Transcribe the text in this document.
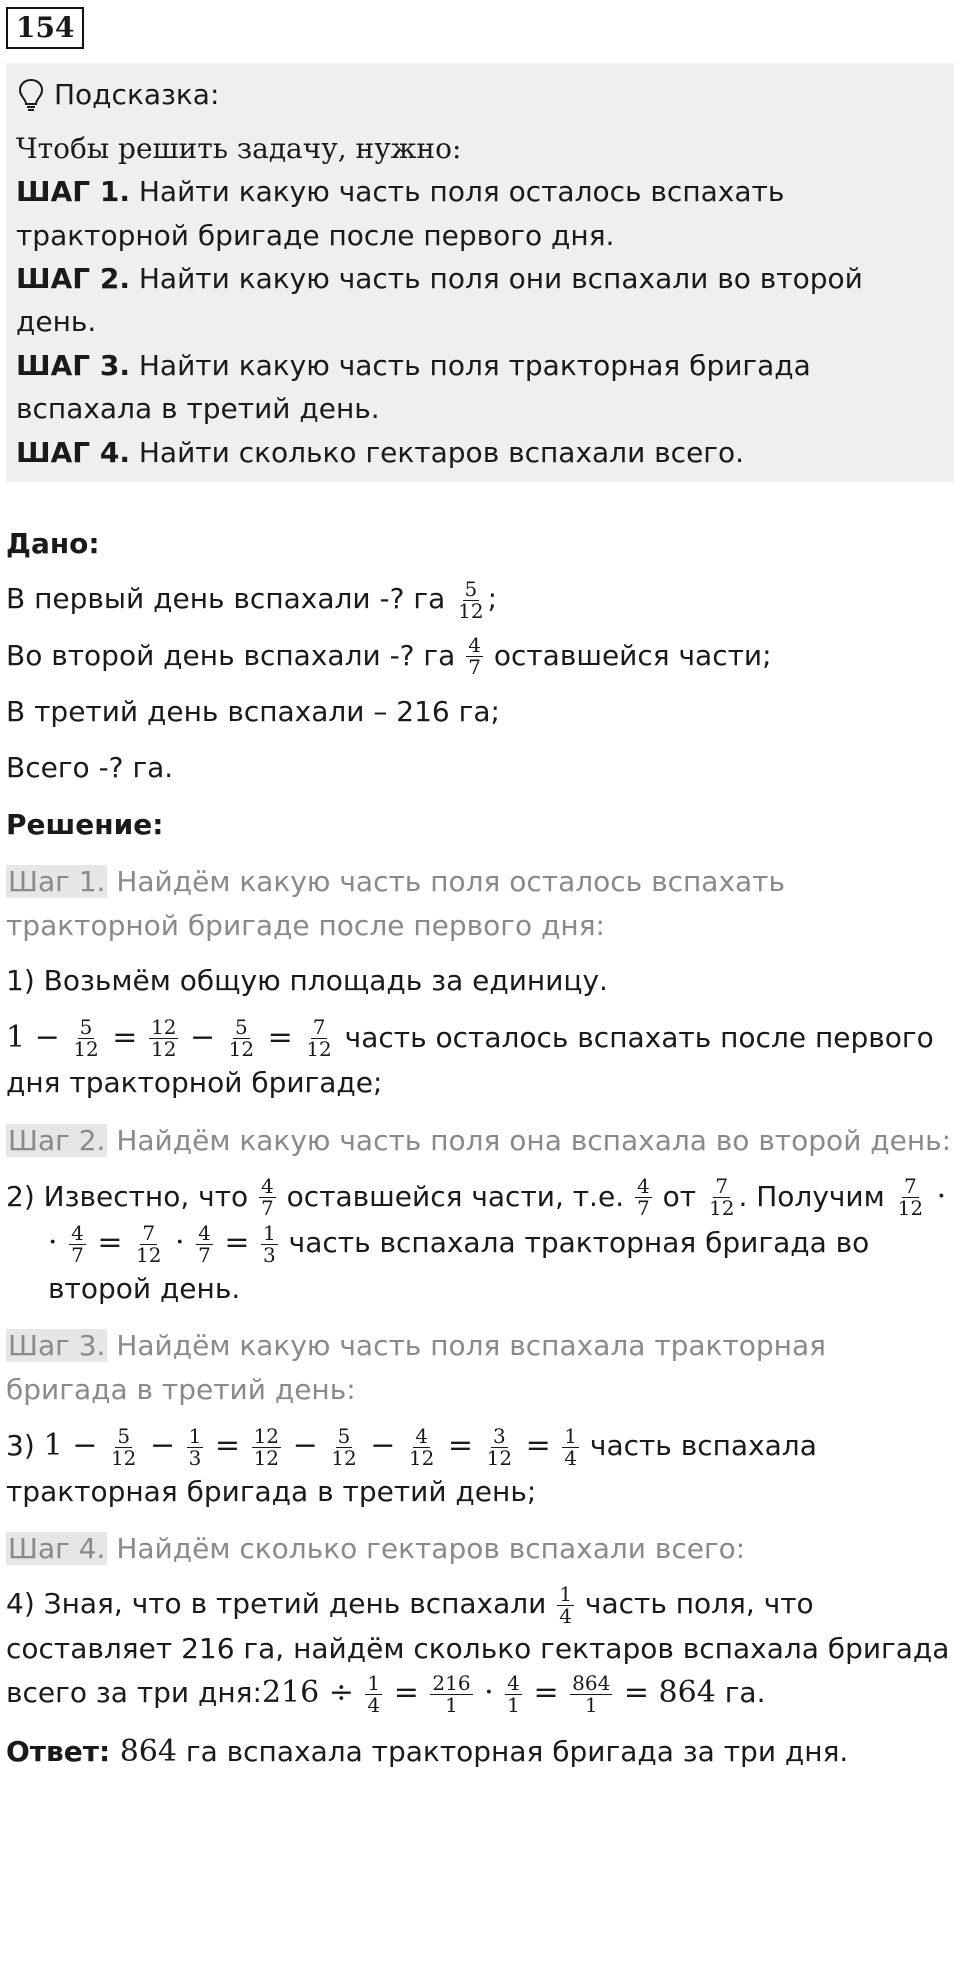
154
Подсказка:
Чтобы решить задачу, нужно:
ШАГ 1. Найти какую часть поля осталось вспахать тракторной бригаде после первого дня.
ШАГ 2. Найти какую часть поля они вспахали во второй день.
ШАГ 3. Найти какую часть поля тракторная бригада вспахала в третий день.
ШАГ 4. Найти сколько гектаров вспахали всего.
Дано:
В первый день вспахали -? га $\frac{5}{12}$ ;
Во второй день вспахали -? га $\frac{4}{7}$ оставшейся части;
В третий день вспахали – 216 га;
Всего -? га.
Решение:
Шаг 1. Найдём какую часть поля осталось вспахать тракторной бригаде после первого дня:
1) Возьмём общую площадь за единицу.
$1 - \frac{5}{12} = \frac{12}{12} - \frac{5}{12} = \frac{7}{12}$ часть осталось вспахать после первого дня тракторной бригаде;
Шаг 2. Найдём какую часть поля она вспахала во второй день:
2) Известно, что $\frac{4}{7}$ оставшейся части, т.е. $\frac{4}{7}$ от $\frac{7}{12}$ . Получим $\frac{7}{12}$ ·
· $\frac{4}{7} = \frac{7}{12} \cdot \frac{4}{7} = \frac{1}{3}$ часть вспахала тракторная бригада во второй день.
Шаг 3. Найдём какую часть поля вспахала тракторная бригада в третий день:
3) $1 - \frac{5}{12} - \frac{1}{3} = \frac{12}{12} - \frac{5}{12} - \frac{4}{12} = \frac{3}{12} = \frac{1}{4}$ часть вспахала тракторная бригада в третий день;
Шаг 4. Найдём сколько гектаров вспахали всего:
4) Зная, что в третий день вспахали $\frac{1}{4}$ часть поля, что составляет 216 га, найдём сколько гектаров вспахала бригада всего за три дня:216 ÷ $\frac{1}{4} = \frac{216}{1} \cdot \frac{4}{1} = \frac{864}{1} = 864$ га.
Ответ: 864 га вспахала тракторная бригада за три дня.
